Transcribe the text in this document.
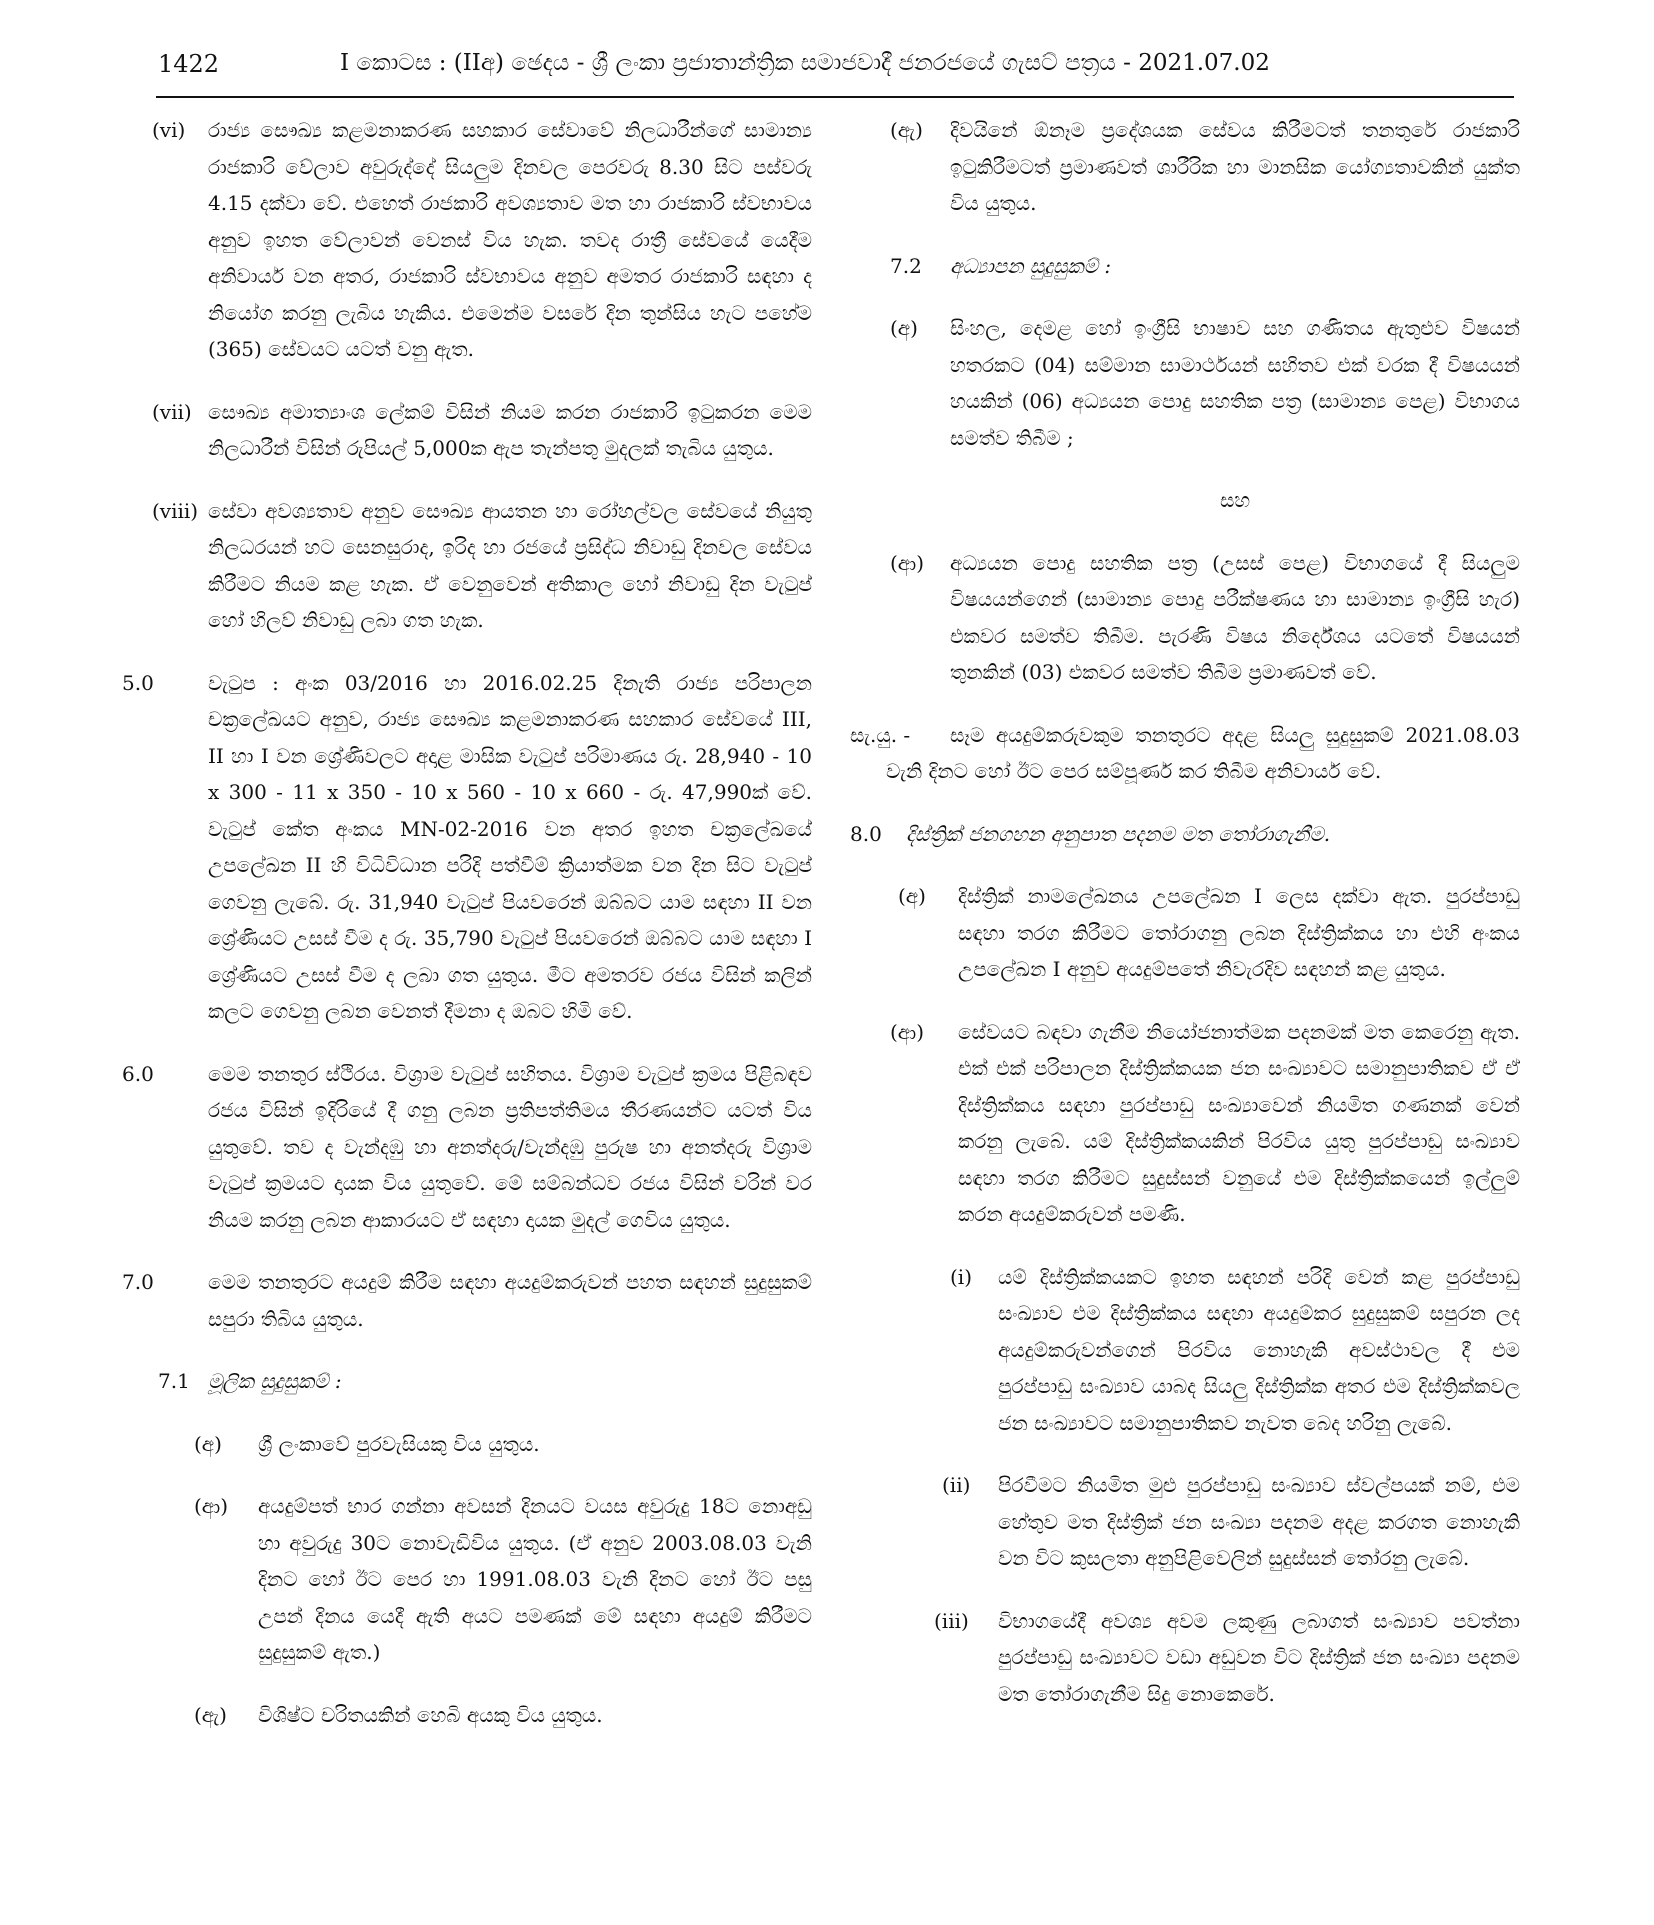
1422	I කොටස : (IIඅ) ඡෙදය - ශ්‍රී ලංකා ප්‍රජාතාන්ත්‍රික සමාජවාදී ජනරජයේ ගැසට් පත්‍රය - 2021.07.02
(vi) රාජ්‍ය සෞඛ්‍ය කළමනාකරණ සහකාර සේවාවේ නිලධාරීන්ගේ සාමාන්‍ය රාජකාරි වේලාව අවුරුද්දේ සියලුම දිනවල පෙරවරු 8.30 සිට පස්වරු 4.15 දක්වා වේ. එහෙත් රාජකාරි අවශ්‍යතාව මත හා රාජකාරි ස්වභාවය අනුව ඉහත වේලාවන් වෙනස් විය හැක. තවද රාත්‍රී සේවයේ යෙදීම අනිවාර්ය වන අතර, රාජකාරි ස්වභාවය අනුව අමතර රාජකාරි සඳහා ද නියෝග කරනු ලැබිය හැකිය. එමෙන්ම වසරේ දින තුන්සිය හැට පහේම (365) සේවයට යටත් වනු ඇත.
(vii) සෞඛ්‍ය අමාත්‍යාංශ ලේකම් විසින් නියම කරන රාජකාරි ඉටුකරන මෙම නිලධාරීන් විසින් රුපියල් 5,000ක ඇප තැන්පතු මුදලක් තැබිය යුතුය.
(viii) සේවා අවශ්‍යතාව අනුව සෞඛ්‍ය ආයතන හා රෝහල්වල සේවයේ නියුතු නිලධරයන් හට සෙනසුරාද, ඉරිද හා රජයේ ප්‍රසිද්ධ නිවාඩු දිනවල සේවය කිරීමට නියම කළ හැක. ඒ වෙනුවෙන් අතිකාල හෝ නිවාඩු දින වැටුප් හෝ හිලව් නිවාඩු ලබා ගත හැක.
5.0	වැටුප : අංක 03/2016 හා 2016.02.25 දිනැති රාජ්‍ය පරිපාලන චක්‍රලේඛයට අනුව, රාජ්‍ය සෞඛ්‍ය කළමනාකරණ සහකාර සේවයේ III, II හා I වන ශ්‍රේණිවලට අදාළ මාසික වැටුප් පරිමාණය රු. 28,940 - 10 x 300 - 11 x 350 - 10 x 560 - 10 x 660 - රු. 47,990ක් වේ. වැටුප් කේත අංකය MN-02-2016 වන අතර ඉහත චක්‍රලේඛයේ උපලේඛන II හි විධිවිධාන පරිදි පත්වීම් ක්‍රියාත්මක වන දින සිට වැටුප් ගෙවනු ලැබේ. රු. 31,940 වැටුප් පියවරෙන් ඔබ්බට යාම සඳහා II වන ශ්‍රේණියට උසස් වීම ද රු. 35,790 වැටුප් පියවරෙන් ඔබ්බට යාම සඳහා I ශ්‍රේණියට උසස් වීම ද ලබා ගත යුතුය. මීට අමතරව රජය විසින් කලින් කලට ගෙවනු ලබන වෙනත් දීමනා ද ඔබට හිමි වේ.
6.0	මෙම තනතුර ස්ථිරය. විශ්‍රාම වැටුප් සහිතය. විශ්‍රාම වැටුප් ක්‍රමය පිළිබඳව රජය විසින් ඉදිරියේ දී ගනු ලබන ප්‍රතිපත්තිමය තීරණයන්ට යටත් විය යුතුවේ. තව ද වැන්දඹු හා අනත්දරු/වැන්දඹු පුරුෂ හා අනත්දරු විශ්‍රාම වැටුප් ක්‍රමයට දායක විය යුතුවේ. මේ සම්බන්ධව රජය විසින් වරින් වර නියම කරනු ලබන ආකාරයට ඒ සඳහා දායක මුදල් ගෙවිය යුතුය.
7.0	මෙම තනතුරට අයදුම් කිරීම සඳහා අයදුම්කරුවන් පහත සඳහන් සුදුසුකම් සපුරා තිබිය යුතුය.
7.1 මූලික සුදුසුකම් :
(අ) ශ්‍රී ලංකාවේ පුරවැසියකු විය යුතුය.
(ආ) අයදුම්පත් භාර ගන්නා අවසන් දිනයට වයස අවුරුදු 18ට නොඅඩු හා අවුරුදු 30ට නොවැඩිවිය යුතුය. (ඒ අනුව 2003.08.03 වැනි දිනට හෝ ඊට පෙර හා 1991.08.03 වැනි දිනට හෝ ඊට පසු උපන් දිනය යෙදී ඇති අයට පමණක් මේ සඳහා අයදුම් කිරීමට සුදුසුකම් ඇත.)
(ඇ) විශිෂ්ට චරිතයකින් හෙබි අයකු විය යුතුය.
(ඇ) දිවයිනේ ඕනෑම ප්‍රදේශයක සේවය කිරීමටත් තනතුරේ රාජකාරි ඉටුකිරීමටත් ප්‍රමාණවත් ශාරීරික හා මානසික යෝග්‍යතාවකින් යුක්ත විය යුතුය.
7.2 අධ්‍යාපන සුදුසුකම් :
(අ) සිංහල, දෙමළ හෝ ඉංග්‍රීසි භාෂාව සහ ගණිතය ඇතුළුව විෂයන් හතරකට (04) සම්මාන සාමාර්ථයන් සහිතව එක් වරක දී විෂයයන් හයකින් (06) අධ්‍යයන පොදු සහතික පත්‍ර (සාමාන්‍ය පෙළ) විභාගය සමත්ව තිබීම ;
සහ
(ආ) අධ්‍යයන පොදු සහතික පත්‍ර (උසස් පෙළ) විභාගයේ දී සියලුම විෂයයන්ගෙන් (සාමාන්‍ය පොදු පරීක්ෂණය හා සාමාන්‍ය ඉංග්‍රීසි හැර) එකවර සමත්ව තිබීම. පැරණි විෂය නිර්දේශය යටතේ විෂයයන් තුනකින් (03) එකවර සමත්ව තිබීම ප්‍රමාණවත් වේ.
සැ.යු. -	සෑම අයදුම්කරුවකුම තනතුරට අදළ සියලු සුදුසුකම් 2021.08.03 වැනි දිනට හෝ ඊට පෙර සම්පූර්ණ කර තිබීම අනිවාර්ය වේ.
8.0 දිස්ත්‍රික් ජනගහන අනුපාත පදනම මත තෝරාගැනීම.
(අ) දිස්ත්‍රික් නාමලේඛනය උපලේඛන I ලෙස දක්වා ඇත. පුරප්පාඩු සඳහා තරග කිරීමට තෝරාගනු ලබන දිස්ත්‍රික්කය හා එහි අංකය උපලේඛන I අනුව අයදුම්පතේ නිවැරදිව සඳහන් කළ යුතුය.
(ආ) සේවයට බඳවා ගැනීම නියෝජනාත්මක පදනමක් මත කෙරෙනු ඇත. එක් එක් පරිපාලන දිස්ත්‍රික්කයක ජන සංඛ්‍යාවට සමානුපාතිකව ඒ ඒ දිස්ත්‍රික්කය සඳහා පුරප්පාඩු සංඛ්‍යාවෙන් නියමිත ගණනක් වෙන් කරනු ලැබේ. යම් දිස්ත්‍රික්කයකින් පිරවිය යුතු පුරප්පාඩු සංඛ්‍යාව සඳහා තරග කිරීමට සුදුස්සන් වනුයේ එම දිස්ත්‍රික්කයෙන් ඉල්ලුම් කරන අයදුම්කරුවන් පමණි.
(i) යම් දිස්ත්‍රික්කයකට ඉහත සඳහන් පරිදි වෙන් කළ පුරප්පාඩු සංඛ්‍යාව එම දිස්ත්‍රික්කය සඳහා අයදුම්කර සුදුසුකම් සපුරන ලද අයදුම්කරුවන්ගෙන් පිරවිය නොහැකි අවස්ථාවල දී එම පුරප්පාඩු සංඛ්‍යාව යාබද සියලු දිස්ත්‍රික්ක අතර එම දිස්ත්‍රික්කවල ජන සංඛ්‍යාවට සමානුපාතිකව නැවත බෙද හරිනු ලැබේ.
(ii) පිරවීමට නියමිත මුළු පුරප්පාඩු සංඛ්‍යාව ස්වල්පයක් නම්, එම හේතුව මත දිස්ත්‍රික් ජන සංඛ්‍යා පදනම අදළ කරගත නොහැකි වන විට කුසලතා අනුපිළිවෙලින් සුදුස්සන් තෝරනු ලැබේ.
(iii) විභාගයේදී අවශ්‍ය අවම ලකුණු ලබාගත් සංඛ්‍යාව පවත්නා පුරප්පාඩු සංඛ්‍යාවට වඩා අඩුවන විට දිස්ත්‍රික් ජන සංඛ්‍යා පදනම මත තෝරාගැනීම සිදු නොකෙරේ.
